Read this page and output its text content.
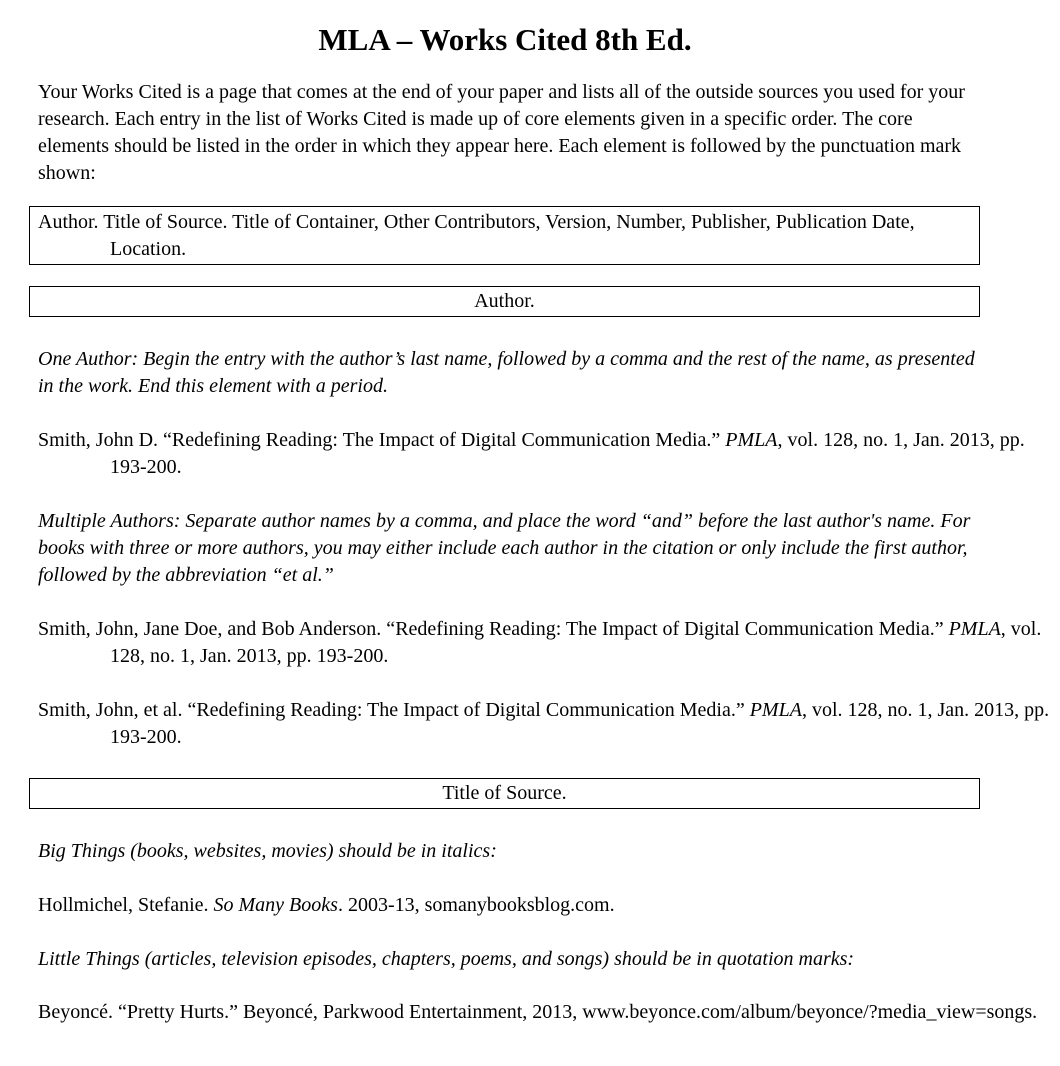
MLA – Works Cited 8th Ed.

Your Works Cited is a page that comes at the end of your paper and lists all of the outside sources you used for your research. Each entry in the list of Works Cited is made up of core elements given in a specific order. The core elements should be listed in the order in which they appear here. Each element is followed by the punctuation mark shown:

Author. Title of Source. Title of Container, Other Contributors, Version, Number, Publisher, Publication Date, Location.
Author.

One Author: Begin the entry with the author’s last name, followed by a comma and the rest of the name, as presented in the work. End this element with a period.

Smith, John D. “Redefining Reading: The Impact of Digital Communication Media.” PMLA, vol. 128, no. 1, Jan. 2013, pp. 193-200.

Multiple Authors: Separate author names by a comma, and place the word “and” before the last author's name. For books with three or more authors, you may either include each author in the citation or only include the first author, followed by the abbreviation “et al.”

Smith, John, Jane Doe, and Bob Anderson. “Redefining Reading: The Impact of Digital Communication Media.” PMLA, vol. 128, no. 1, Jan. 2013, pp. 193-200.

Smith, John, et al. “Redefining Reading: The Impact of Digital Communication Media.” PMLA, vol. 128, no. 1, Jan. 2013, pp. 193-200.

Title of Source.

Big Things (books, websites, movies) should be in italics:

Hollmichel, Stefanie. So Many Books. 2003-13, somanybooksblog.com.

Little Things (articles, television episodes, chapters, poems, and songs) should be in quotation marks:

Beyoncé. “Pretty Hurts.” Beyoncé, Parkwood Entertainment, 2013, www.beyonce.com/album/beyonce/?media_view=songs.
